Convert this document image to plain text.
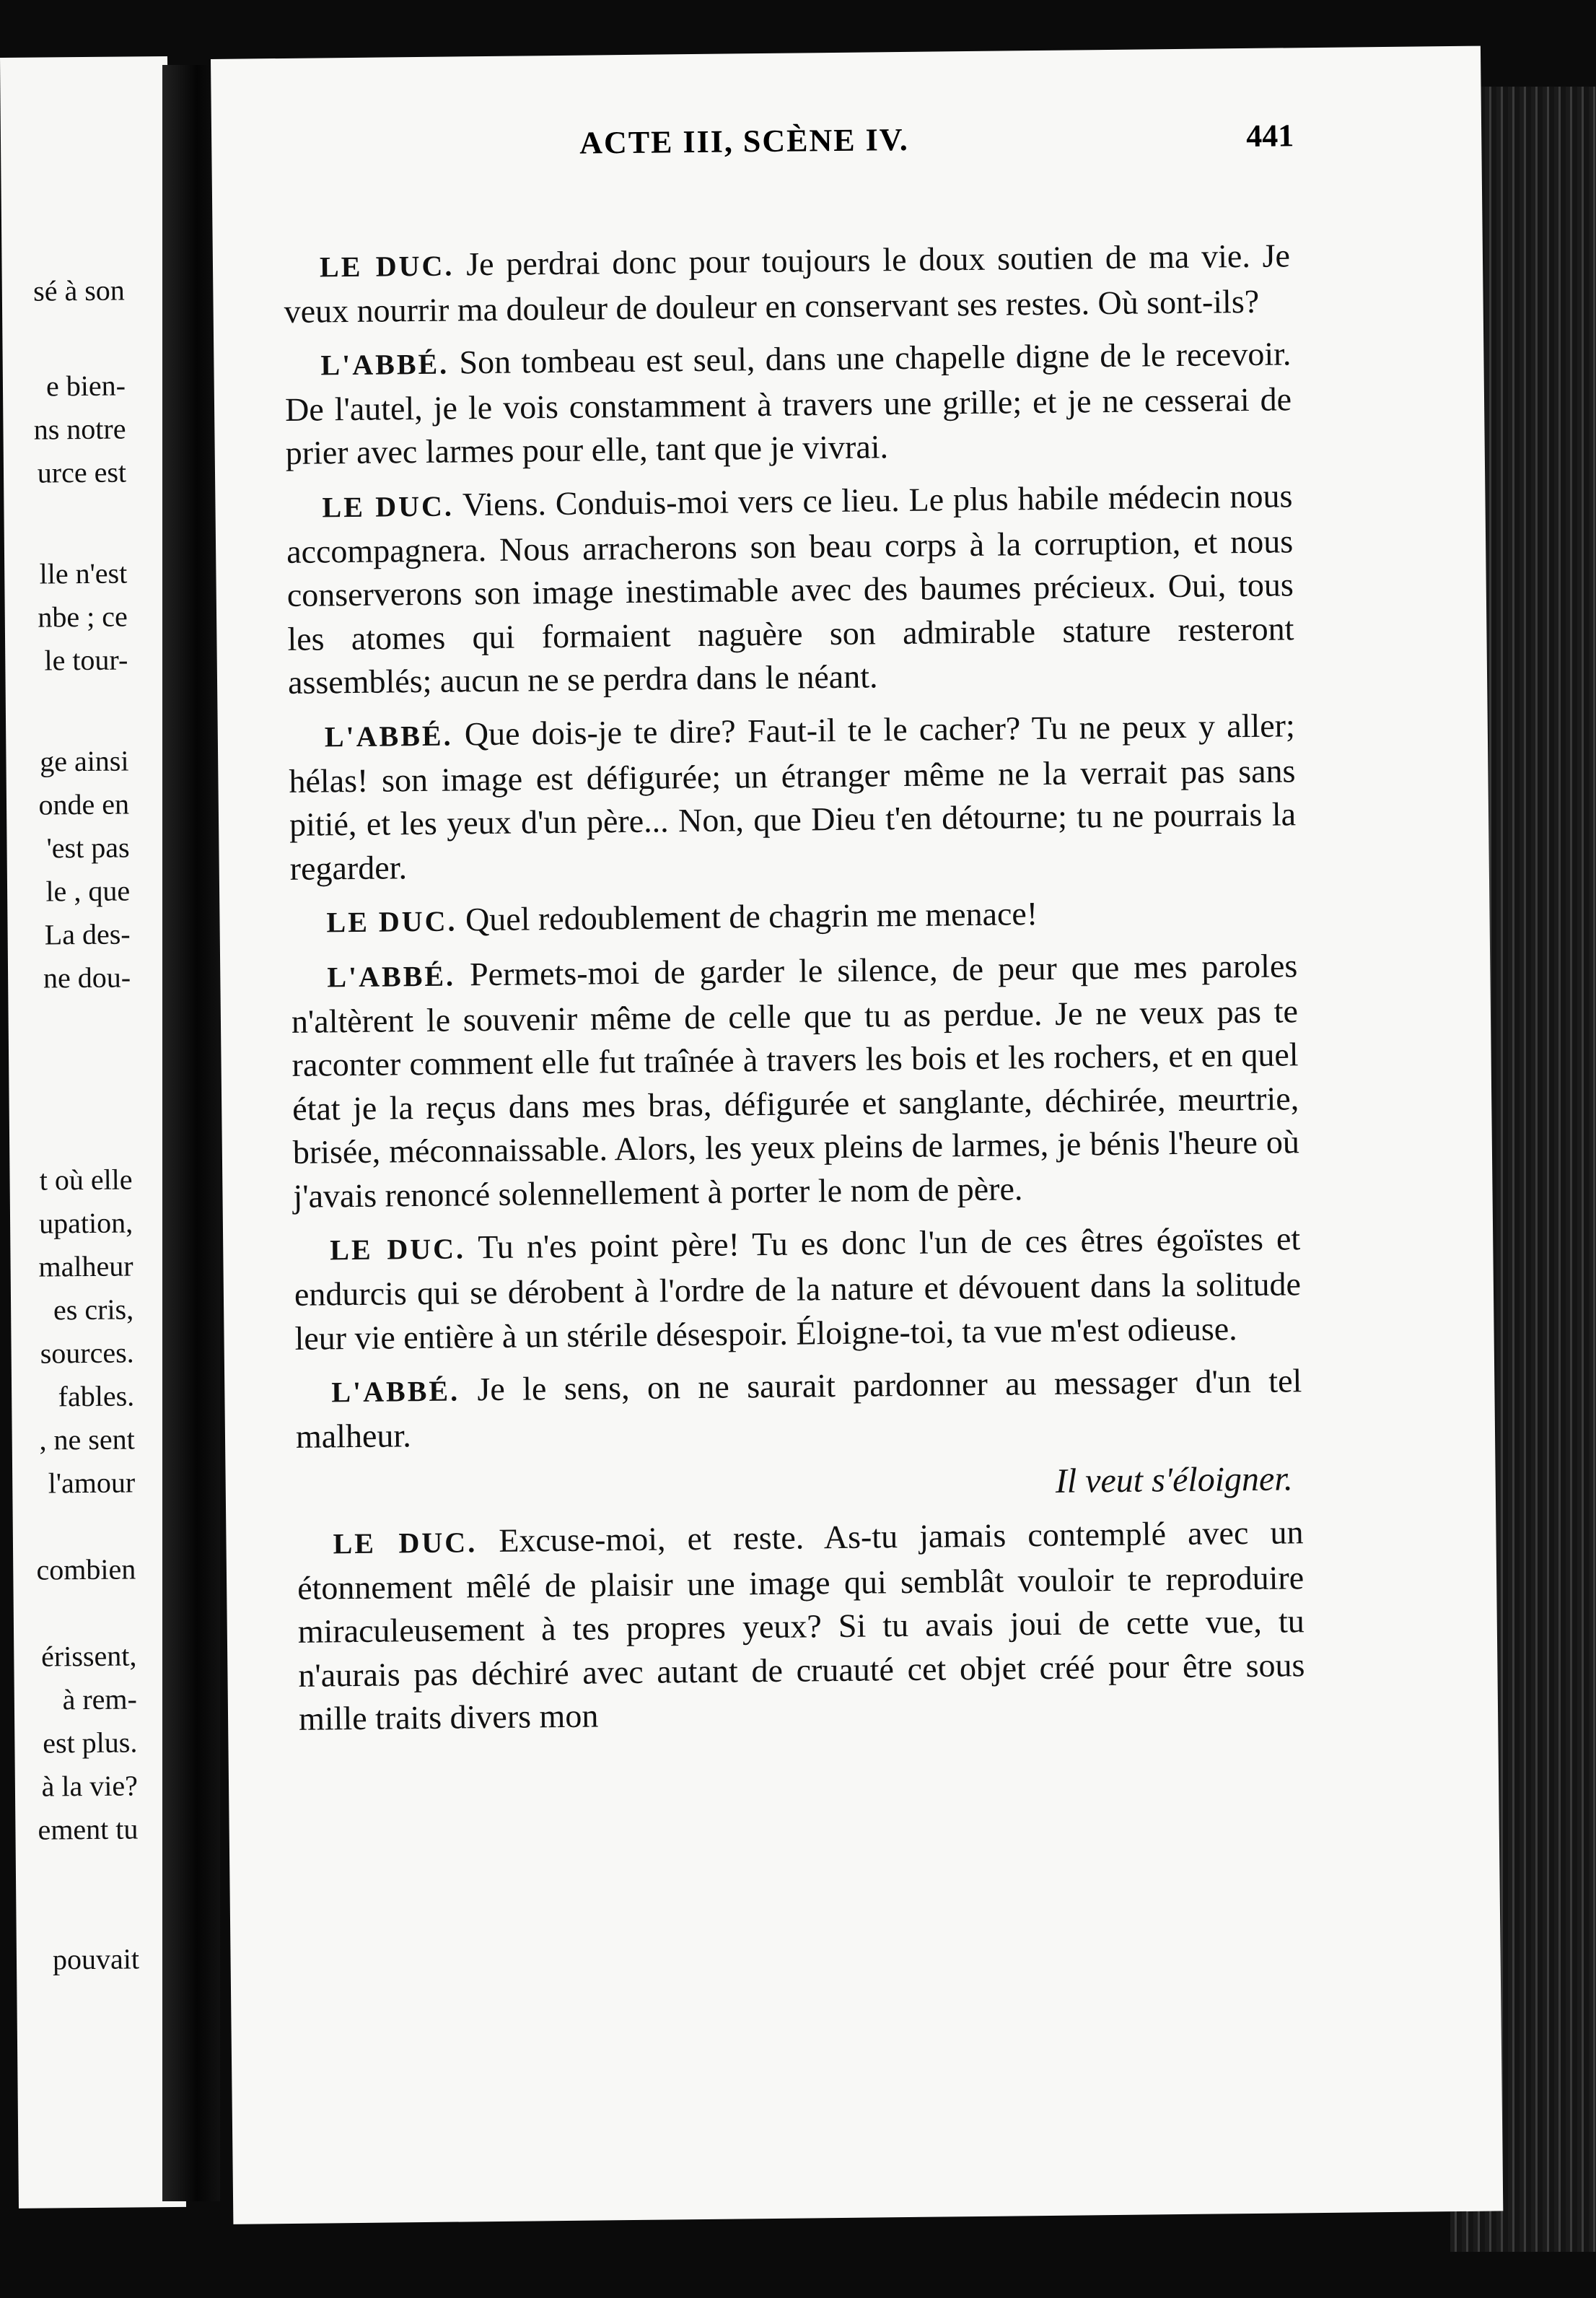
sé à son
e bien-
ns notre
urce est
lle n'est
nbe ; ce
le tour-
ge ainsi
onde en
'est pas
le , que
La des-
ne dou-
t où elle
upation,
malheur
es cris,
sources.
fables.
, ne sent
l'amour
combien
érissent,
à rem-
est plus.
à la vie?
ement tu
pouvait
ACTE III, SCÈNE IV.	441

LE DUC. Je perdrai donc pour toujours le doux soutien de ma vie. Je veux nourrir ma douleur de douleur en conservant ses restes. Où sont-ils?

L'ABBÉ. Son tombeau est seul, dans une chapelle digne de le recevoir. De l'autel, je le vois constamment à travers une grille; et je ne cesserai de prier avec larmes pour elle, tant que je vivrai.

LE DUC. Viens. Conduis-moi vers ce lieu. Le plus habile médecin nous accompagnera. Nous arracherons son beau corps à la corruption, et nous conserverons son image inestimable avec des baumes précieux. Oui, tous les atomes qui formaient naguère son admirable stature resteront assemblés; aucun ne se perdra dans le néant.

L'ABBÉ. Que dois-je te dire? Faut-il te le cacher? Tu ne peux y aller; hélas! son image est défigurée; un étranger même ne la verrait pas sans pitié, et les yeux d'un père... Non, que Dieu t'en détourne; tu ne pourrais la regarder.

LE DUC. Quel redoublement de chagrin me menace!

L'ABBÉ. Permets-moi de garder le silence, de peur que mes paroles n'altèrent le souvenir même de celle que tu as perdue. Je ne veux pas te raconter comment elle fut traînée à travers les bois et les rochers, et en quel état je la reçus dans mes bras, défigurée et sanglante, déchirée, meurtrie, brisée, méconnaissable. Alors, les yeux pleins de larmes, je bénis l'heure où j'avais renoncé solennellement à porter le nom de père.

LE DUC. Tu n'es point père! Tu es donc l'un de ces êtres égoïstes et endurcis qui se dérobent à l'ordre de la nature et dévouent dans la solitude leur vie entière à un stérile désespoir. Éloigne-toi, ta vue m'est odieuse.

L'ABBÉ. Je le sens, on ne saurait pardonner au messager d'un tel malheur.

Il veut s'éloigner.

LE DUC. Excuse-moi, et reste. As-tu jamais contemplé avec un étonnement mêlé de plaisir une image qui semblât vouloir te reproduire miraculeusement à tes propres yeux? Si tu avais joui de cette vue, tu n'aurais pas déchiré avec autant de cruauté cet objet créé pour être sous mille traits divers mon
